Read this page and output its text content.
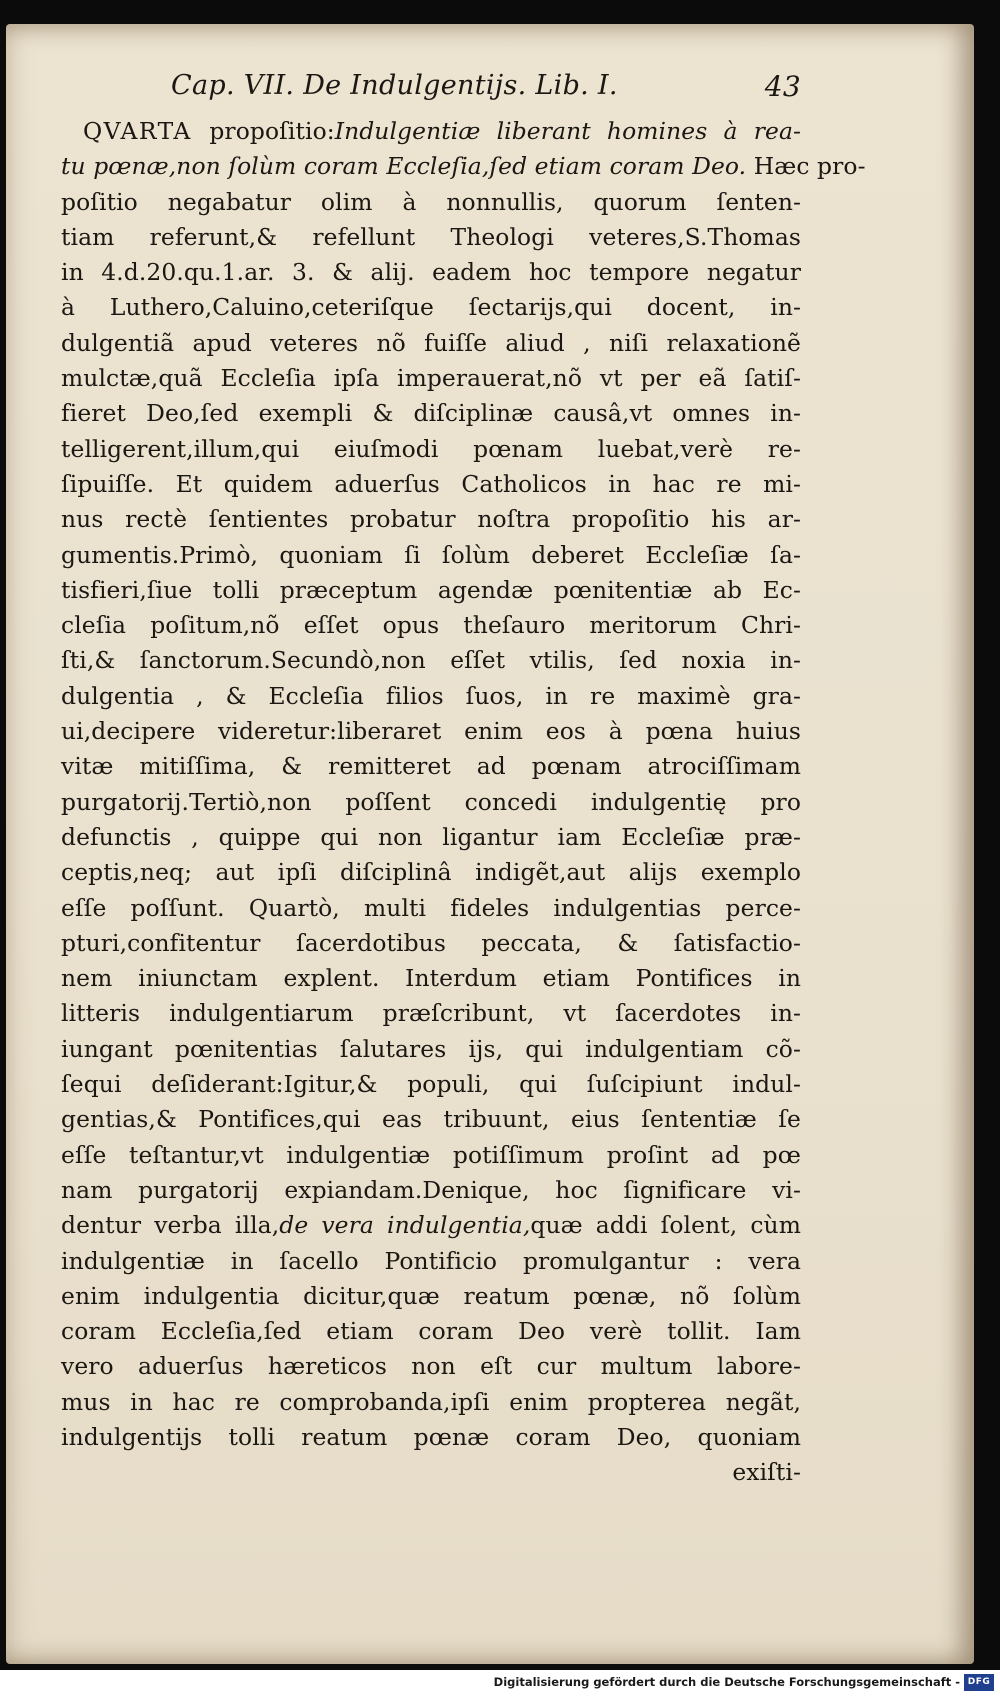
Cap. VII. De Indulgentijs. Lib. I.	43
QVARTA propoſitio:Indulgentiæ liberant homines à rea-
tu pœnæ,non ſolùm coram Eccleſia,ſed etiam coram Deo. Hæc pro-
poſitio negabatur olim à nonnullis, quorum ſenten-
tiam referunt,& refellunt Theologi veteres,S.Thomas
in 4.d.20.qu.1.ar. 3. & alij. eadem hoc tempore negatur
à Luthero,Caluino,ceteriſque ſectarijs,qui docent, in-
dulgentiã apud veteres nõ fuiſſe aliud , niſi relaxationẽ
mulctæ,quã Eccleſia ipſa imperauerat,nõ vt per eã ſatiſ-
fieret Deo,ſed exempli & diſciplinæ causâ,vt omnes in-
telligerent,illum,qui eiuſmodi pœnam luebat,verè re-
ſipuiſſe. Et quidem aduerſus Catholicos in hac re mi-
nus rectè ſentientes probatur noſtra propoſitio his ar-
gumentis.Primò, quoniam ſi ſolùm deberet Eccleſiæ ſa-
tisfieri,ſiue tolli præceptum agendæ pœnitentiæ ab Ec-
cleſia poſitum,nõ eſſet opus theſauro meritorum Chri-
ſti,& ſanctorum.Secundò,non eſſet vtilis, ſed noxia in-
dulgentia , & Eccleſia filios ſuos, in re maximè gra-
ui,decipere videretur:liberaret enim eos à pœna huius
vitæ mitiſſima, & remitteret ad pœnam atrociſſimam
purgatorij.Tertiò,non poſſent concedi indulgentię pro
defunctis , quippe qui non ligantur iam Eccleſiæ præ-
ceptis,neq; aut ipſi diſciplinâ indigẽt,aut alijs exemplo
eſſe poſſunt. Quartò, multi fideles indulgentias perce-
pturi,confitentur ſacerdotibus peccata, & ſatisfactio-
nem iniunctam explent. Interdum etiam Pontifices in
litteris indulgentiarum præſcribunt, vt ſacerdotes in-
iungant pœnitentias ſalutares ijs, qui indulgentiam cõ-
ſequi deſiderant:Igitur,& populi, qui ſuſcipiunt indul-
gentias,& Pontifices,qui eas tribuunt, eius ſententiæ ſe
eſſe teſtantur,vt indulgentiæ potiſſimum proſint ad pœ
nam purgatorij expiandam.Denique, hoc ſignificare vi-
dentur verba illa,de vera indulgentia,quæ addi ſolent, cùm
indulgentiæ in ſacello Pontificio promulgantur : vera
enim indulgentia dicitur,quæ reatum pœnæ, nõ ſolùm
coram Eccleſia,ſed etiam coram Deo verè tollit. Iam
vero aduerſus hæreticos non eſt cur multum labore-
mus in hac re comprobanda,ipſi enim propterea negãt,
indulgentijs tolli reatum pœnæ coram Deo, quoniam
exiſti-
Digitalisierung gefördert durch die Deutsche Forschungsgemeinschaft - DFG
